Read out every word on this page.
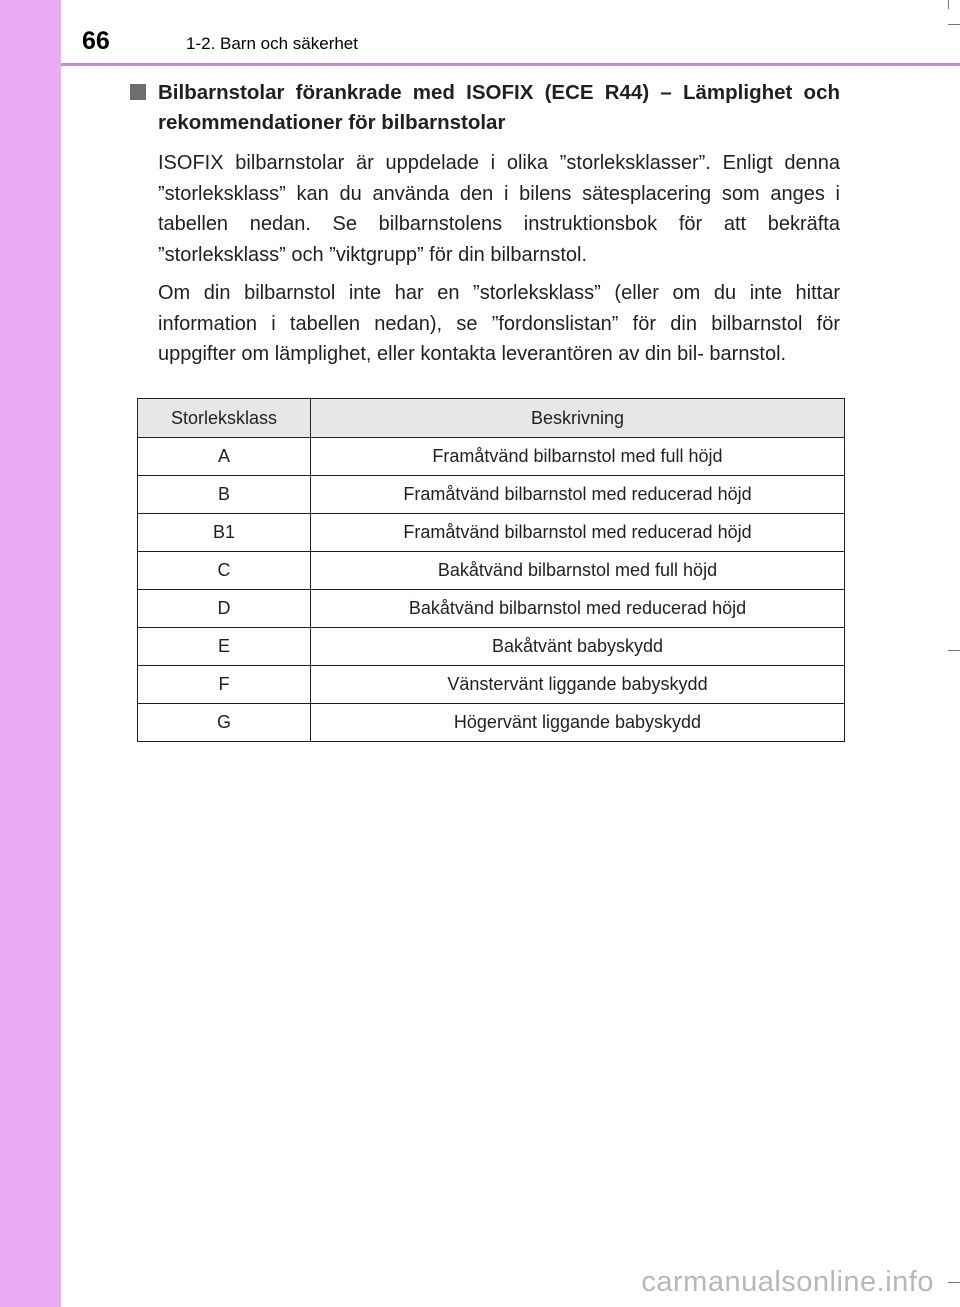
66	1-2. Barn och säkerhet
Bilbarnstolar förankrade med ISOFIX (ECE R44) – Lämplighet och rekommendationer för bilbarnstolar

ISOFIX bilbarnstolar är uppdelade i olika ”storleksklasser”. Enligt denna ”storleksklass” kan du använda den i bilens sätesplacering som anges i tabellen nedan. Se bilbarnstolens instruktionsbok för att bekräfta ”storleksklass” och ”viktgrupp” för din bilbarnstol.

Om din bilbarnstol inte har en ”storleksklass” (eller om du inte hittar information i tabellen nedan), se ”fordonslistan” för din bilbarnstol för uppgifter om lämplighet, eller kontakta leverantören av din bil- barnstol.

Storleksklass	Beskrivning
A	Framåtvänd bilbarnstol med full höjd
B	Framåtvänd bilbarnstol med reducerad höjd
B1	Framåtvänd bilbarnstol med reducerad höjd
C	Bakåtvänd bilbarnstol med full höjd
D	Bakåtvänd bilbarnstol med reducerad höjd
E	Bakåtvänt babyskydd
F	Vänstervänt liggande babyskydd
G	Högervänt liggande babyskydd
carmanualsonline.info
